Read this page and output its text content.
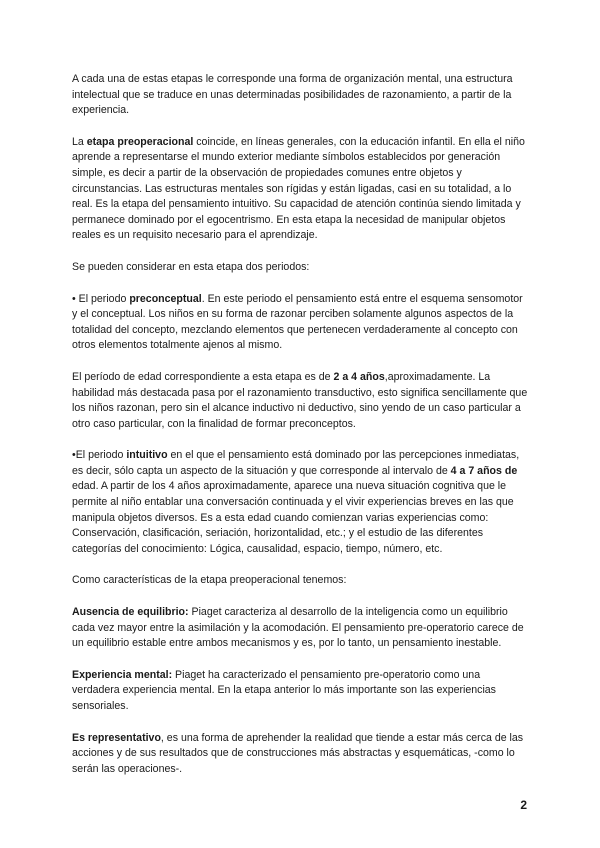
A cada una de estas etapas le corresponde una forma de organización mental, una estructura intelectual que se traduce en unas determinadas posibilidades de razonamiento, a partir de la experiencia.

La etapa preoperacional coincide, en líneas generales, con la educación infantil. En ella el niño aprende a representarse el mundo exterior mediante símbolos establecidos por generación simple, es decir a partir de la observación de propiedades comunes entre objetos y circunstancias. Las estructuras mentales son rígidas y están ligadas, casi en su totalidad, a lo real. Es la etapa del pensamiento intuitivo. Su capacidad de atención continúa siendo limitada y permanece dominado por el egocentrismo. En esta etapa la necesidad de manipular objetos reales es un requisito necesario para el aprendizaje.

Se pueden considerar en esta etapa dos periodos:

• El periodo preconceptual. En este periodo el pensamiento está entre el esquema sensomotor y el conceptual. Los niños en su forma de razonar perciben solamente algunos aspectos de la totalidad del concepto, mezclando elementos que pertenecen verdaderamente al concepto con otros elementos totalmente ajenos al mismo.

El período de edad correspondiente a esta etapa es de 2 a 4 años,aproximadamente. La habilidad más destacada pasa por el razonamiento transductivo, esto significa sencillamente que los niños razonan, pero sin el alcance inductivo ni deductivo, sino yendo de un caso particular a otro caso particular, con la finalidad de formar preconceptos.

•El periodo intuitivo en el que el pensamiento está dominado por las percepciones inmediatas, es decir, sólo capta un aspecto de la situación y que corresponde al intervalo de 4 a 7 años de edad. A partir de los 4 años aproximadamente, aparece una nueva situación cognitiva que le permite al niño entablar una conversación continuada y el vivir experiencias breves en las que manipula objetos diversos. Es a esta edad cuando comienzan varias experiencias como: Conservación, clasificación, seriación, horizontalidad, etc.; y el estudio de las diferentes categorías del conocimiento: Lógica, causalidad, espacio, tiempo, número, etc.

Como características de la etapa preoperacional tenemos:

Ausencia de equilibrio: Piaget caracteriza al desarrollo de la inteligencia como un equilibrio cada vez mayor entre la asimilación y la acomodación. El pensamiento pre-operatorio carece de un equilibrio estable entre ambos mecanismos y es, por lo tanto, un pensamiento inestable.

Experiencia mental: Piaget ha caracterizado el pensamiento pre-operatorio como una verdadera experiencia mental. En la etapa anterior lo más importante son las experiencias sensoriales.

Es representativo, es una forma de aprehender la realidad que tiende a estar más cerca de las acciones y de sus resultados que de construcciones más abstractas y esquemáticas, -como lo serán las operaciones-.

2
